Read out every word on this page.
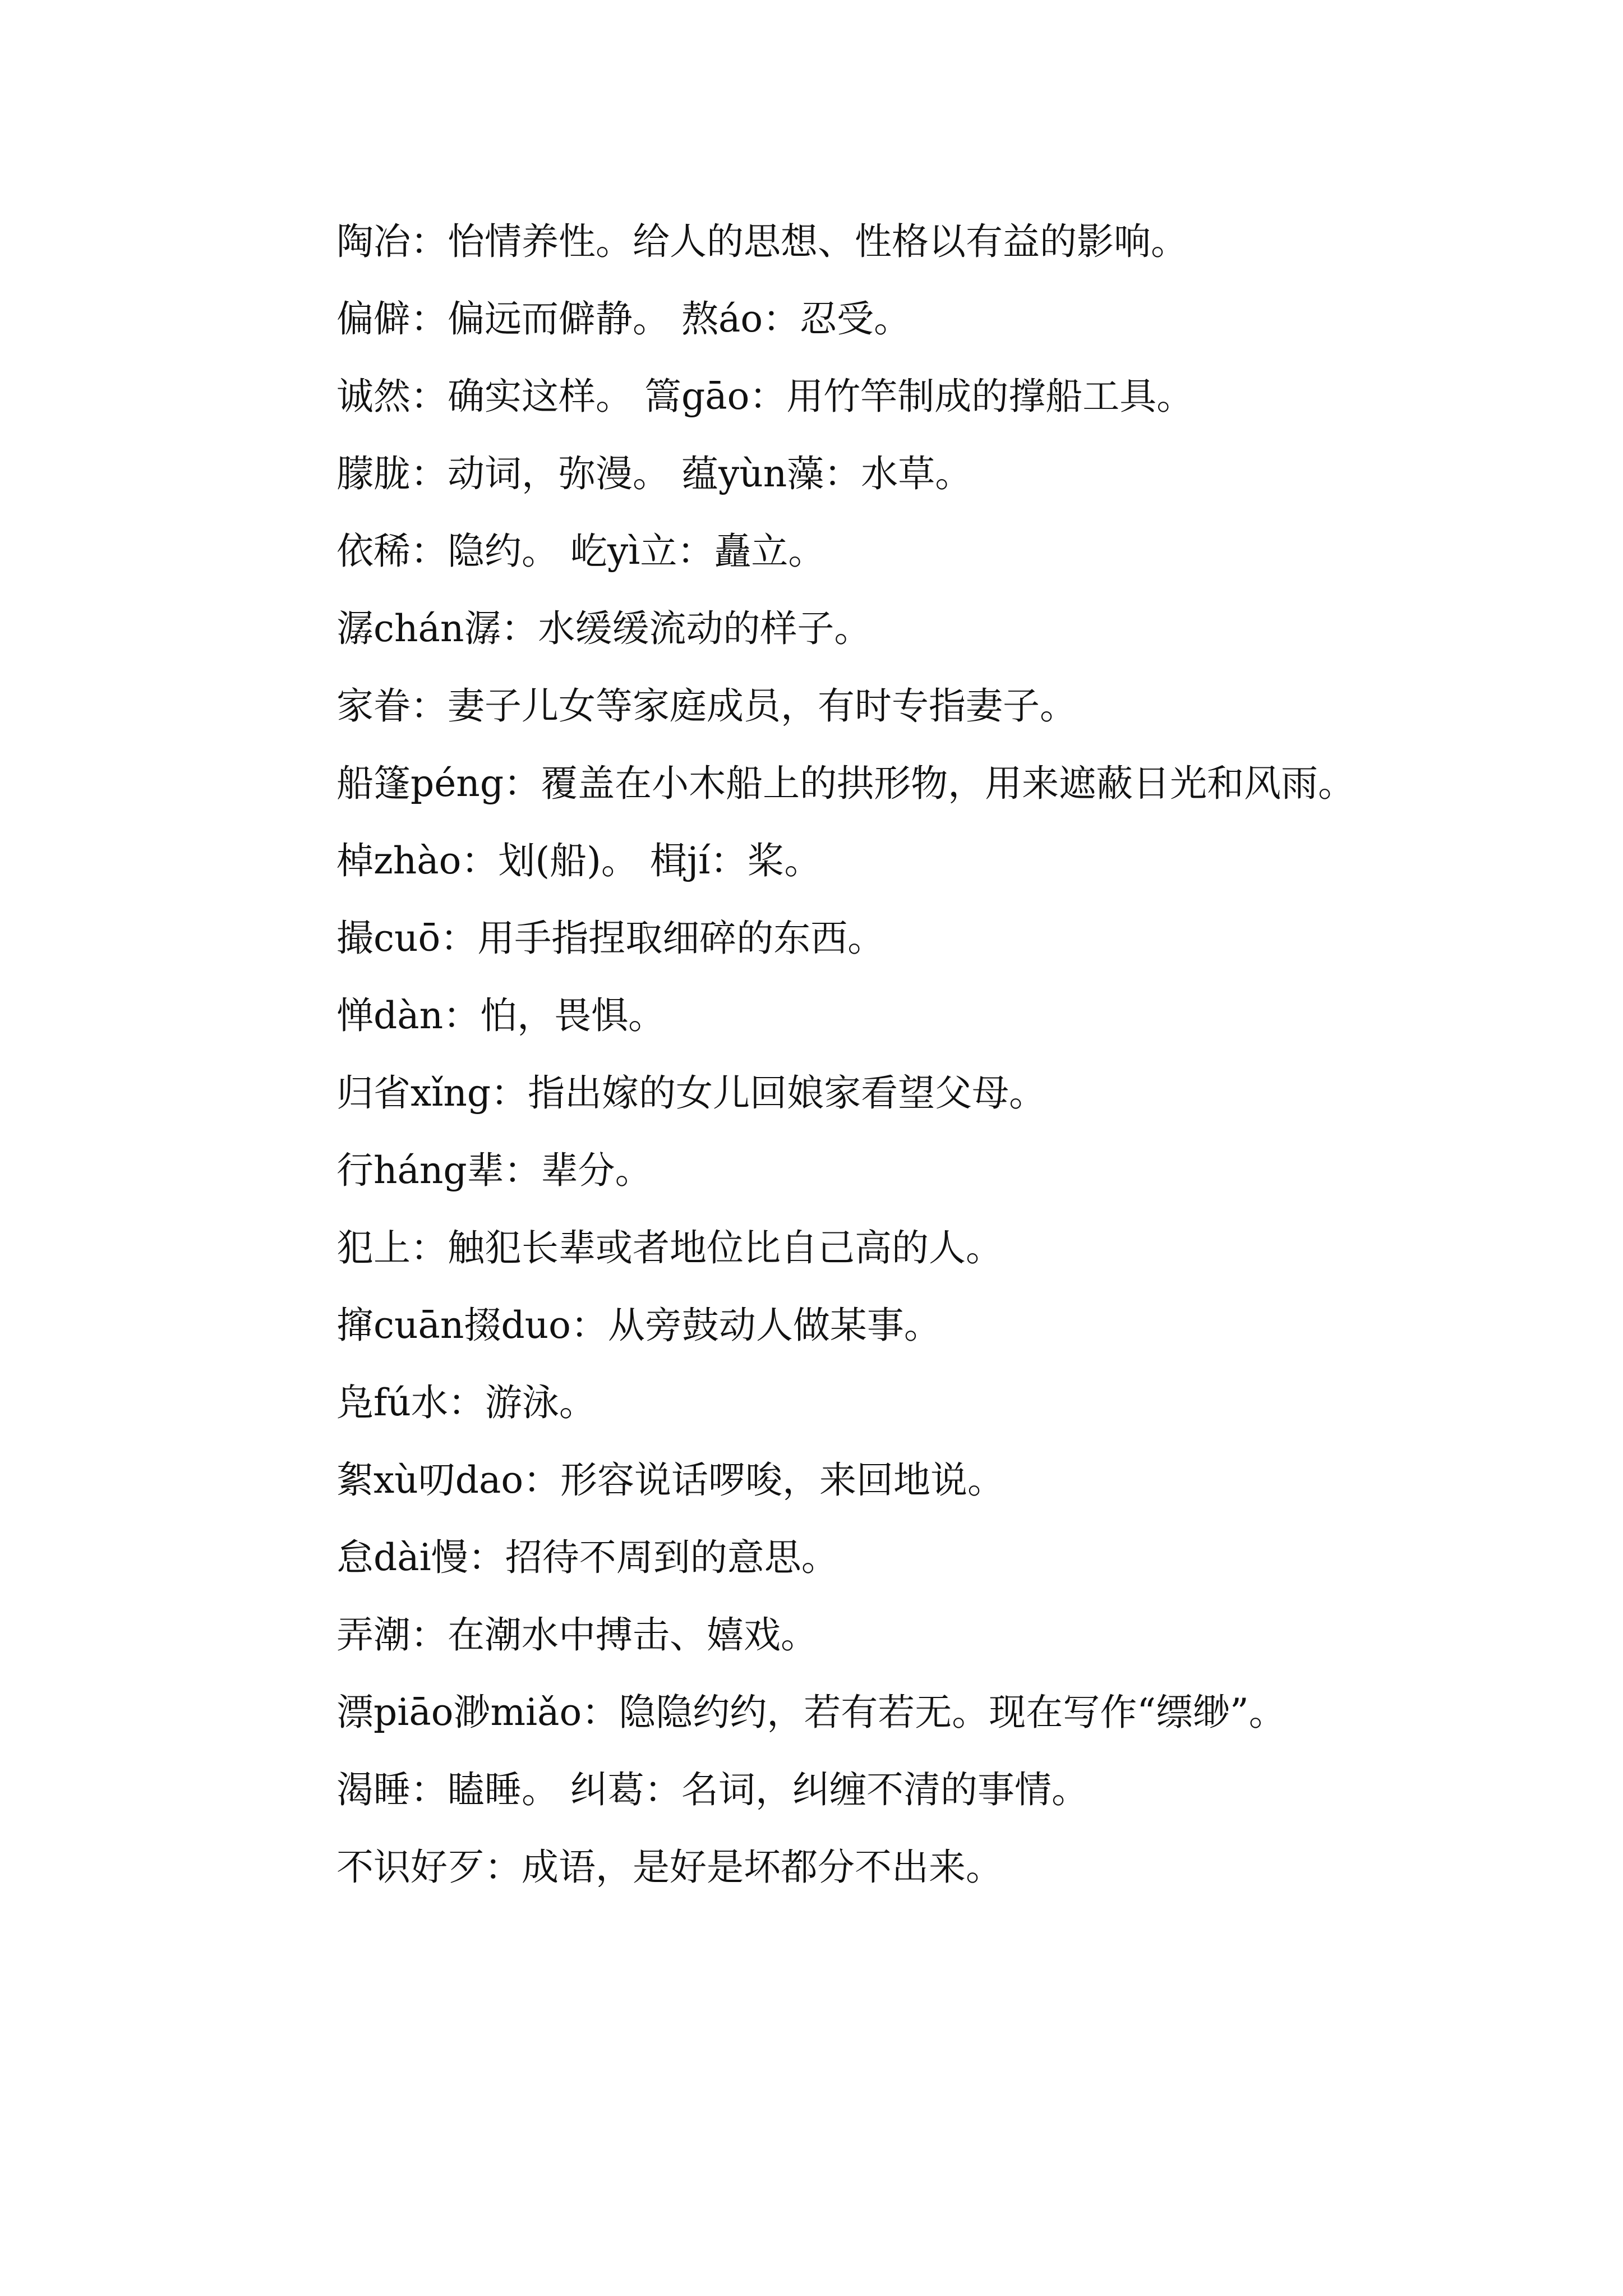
陶冶：怡情养性。给人的思想、性格以有益的影响。

偏僻：偏远而僻静。 熬áo：忍受。

诚然：确实这样。 篙gāo：用竹竿制成的撑船工具。

朦胧：动词，弥漫。 蕴yùn藻：水草。

依稀：隐约。 屹yì立：矗立。

潺chán潺：水缓缓流动的样子。

家眷：妻子儿女等家庭成员，有时专指妻子。

船篷péng：覆盖在小木船上的拱形物，用来遮蔽日光和风雨。

棹zhào：划(船)。 楫jí：桨。

撮cuō：用手指捏取细碎的东西。

惮dàn：怕，畏惧。

归省xǐng：指出嫁的女儿回娘家看望父母。

行háng辈：辈分。

犯上：触犯长辈或者地位比自己高的人。

撺cuān掇duo：从旁鼓动人做某事。

凫fú水：游泳。

絮xù叨dao：形容说话啰唆，来回地说。

怠dài慢：招待不周到的意思。

弄潮：在潮水中搏击、嬉戏。

漂piāo渺miǎo：隐隐约约，若有若无。现在写作“缥缈”。

渴睡：瞌睡。 纠葛：名词，纠缠不清的事情。

不识好歹：成语，是好是坏都分不出来。
